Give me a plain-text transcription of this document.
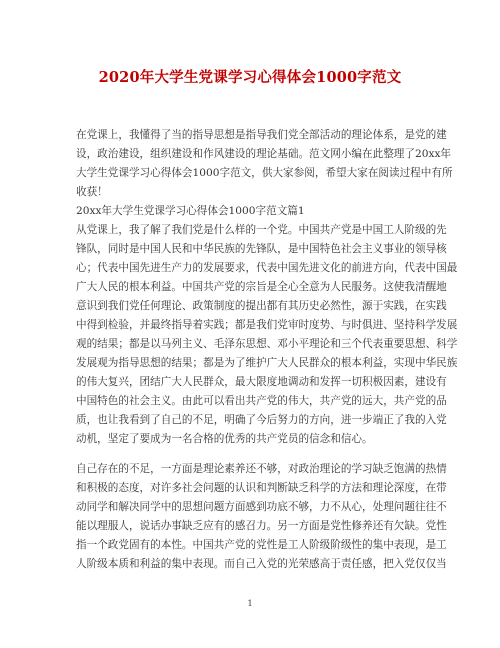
2020年大学生党课学习心得体会1000字范文
在党课上，我懂得了当的指导思想是指导我们党全部活动的理论体系，是党的建
设，政治建设，组织建设和作风建设的理论基础。范文网小编在此整理了20xx年
大学生党课学习心得体会1000字范文，供大家参阅，希望大家在阅读过程中有所
收获！
20xx年大学生党课学习心得体会1000字范文篇1
从党课上，我了解了我们党是什么样的一个党。中国共产党是中国工人阶级的先
锋队，同时是中国人民和中华民族的先锋队，是中国特色社会主义事业的领导核
心；代表中国先进生产力的发展要求，代表中国先进文化的前进方向，代表中国最
广大人民的根本利益。中国共产党的宗旨是全心全意为人民服务。这使我清醒地
意识到我们党任何理论、政策制度的提出都有其历史必然性，源于实践，在实践
中得到检验，并最终指导着实践；都是我们党审时度势、与时俱进、坚持科学发展
观的结果；都是以马列主义、毛泽东思想、邓小平理论和三个代表重要思想、科学
发展观为指导思想的结果；都是为了维护广大人民群众的根本利益，实现中华民族
的伟大复兴，团结广大人民群众，最大限度地调动和发挥一切积极因素，建设有
中国特色的社会主义。由此可以看出共产党的伟大，共产党的远大，共产党的品
质，也让我看到了自己的不足，明确了今后努力的方向，进一步端正了我的入党
动机，坚定了要成为一名合格的优秀的共产党员的信念和信心。
自己存在的不足，一方面是理论素养还不够，对政治理论的学习缺乏饱满的热情
和积极的态度，对许多社会问题的认识和判断缺乏科学的方法和理论深度，在带
动同学和解决同学中的思想问题方面感到功底不够，力不从心，处理问题往往不
能以理服人，说话办事缺乏应有的感召力。另一方面是党性修养还有欠缺。党性
指一个政党固有的本性。中国共产党的党性是工人阶级阶级性的集中表现，是工
人阶级本质和利益的集中表现。而自己入党的光荣感高于责任感，把入党仅仅当
1
